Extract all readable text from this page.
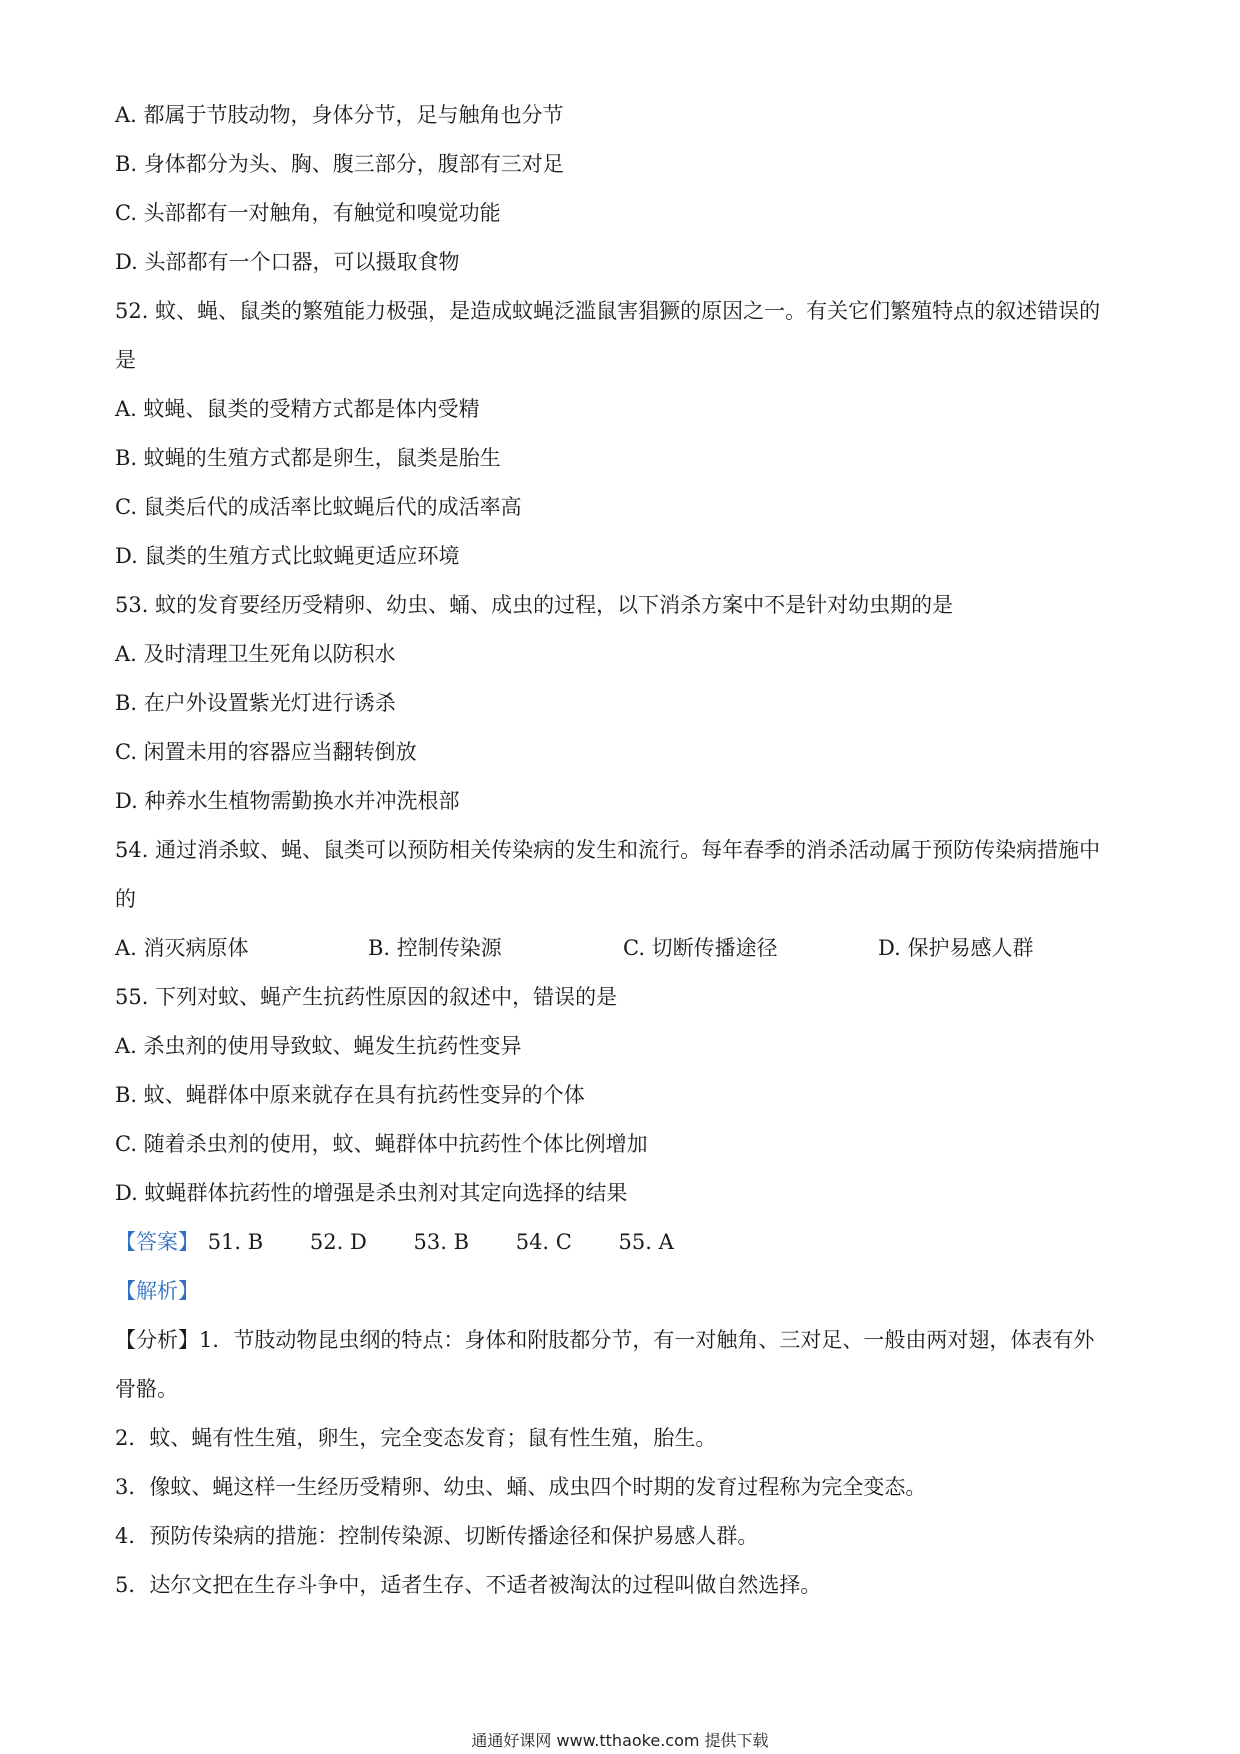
A. 都属于节肢动物，身体分节，足与触角也分节
B. 身体都分为头、胸、腹三部分，腹部有三对足
C. 头部都有一对触角，有触觉和嗅觉功能
D. 头部都有一个口器，可以摄取食物
52. 蚊、蝇、鼠类的繁殖能力极强，是造成蚊蝇泛滥鼠害猖獗的原因之一。有关它们繁殖特点的叙述错误的
是
A. 蚊蝇、鼠类的受精方式都是体内受精
B. 蚊蝇的生殖方式都是卵生，鼠类是胎生
C. 鼠类后代的成活率比蚊蝇后代的成活率高
D. 鼠类的生殖方式比蚊蝇更适应环境
53. 蚊的发育要经历受精卵、幼虫、蛹、成虫的过程，以下消杀方案中不是针对幼虫期的是
A. 及时清理卫生死角以防积水
B. 在户外设置紫光灯进行诱杀
C. 闲置未用的容器应当翻转倒放
D. 种养水生植物需勤换水并冲洗根部
54. 通过消杀蚊、蝇、鼠类可以预防相关传染病的发生和流行。每年春季的消杀活动属于预防传染病措施中
的
A. 消灭病原体	B. 控制传染源	C. 切断传播途径	D. 保护易感人群
55. 下列对蚊、蝇产生抗药性原因的叙述中，错误的是
A. 杀虫剂的使用导致蚊、蝇发生抗药性变异
B. 蚊、蝇群体中原来就存在具有抗药性变异的个体
C. 随着杀虫剂的使用，蚊、蝇群体中抗药性个体比例增加
D. 蚊蝇群体抗药性的增强是杀虫剂对其定向选择的结果
【答案】 51. B 52. D 53. B 54. C 55. A
【解析】
【分析】1．节肢动物昆虫纲的特点：身体和附肢都分节，有一对触角、三对足、一般由两对翅，体表有外
骨骼。
2．蚊、蝇有性生殖，卵生，完全变态发育；鼠有性生殖，胎生。
3．像蚊、蝇这样一生经历受精卵、幼虫、蛹、成虫四个时期的发育过程称为完全变态。
4．预防传染病的措施：控制传染源、切断传播途径和保护易感人群。
5．达尔文把在生存斗争中，适者生存、不适者被淘汰的过程叫做自然选择。
通通好课网 www.tthaoke.com 提供下载
